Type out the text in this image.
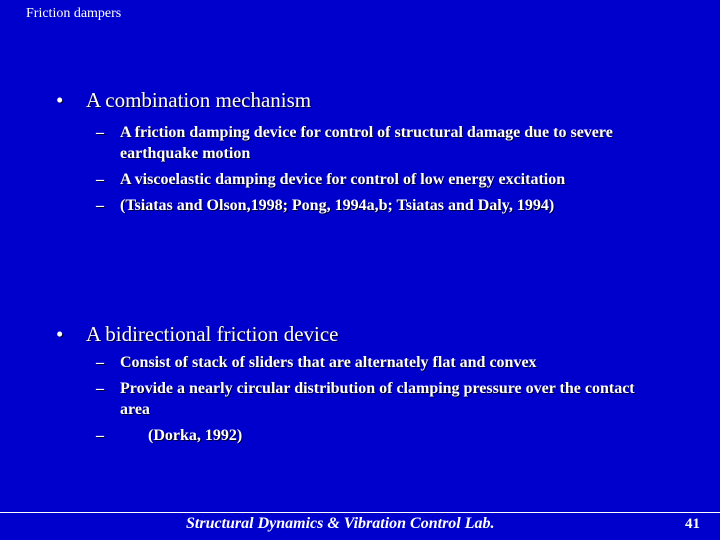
Friction dampers
•	A combination mechanism
–	A friction damping device for control of structural damage due to severe earthquake motion
–	A viscoelastic damping device for control of low energy excitation
–	(Tsiatas and Olson,1998; Pong, 1994a,b; Tsiatas and Daly, 1994)
•	A bidirectional friction device
–	Consist of stack of sliders that are alternately flat and convex
–	Provide a nearly circular distribution of clamping pressure over the contact area
–	(Dorka, 1992)
Structural Dynamics & Vibration Control Lab.	41
